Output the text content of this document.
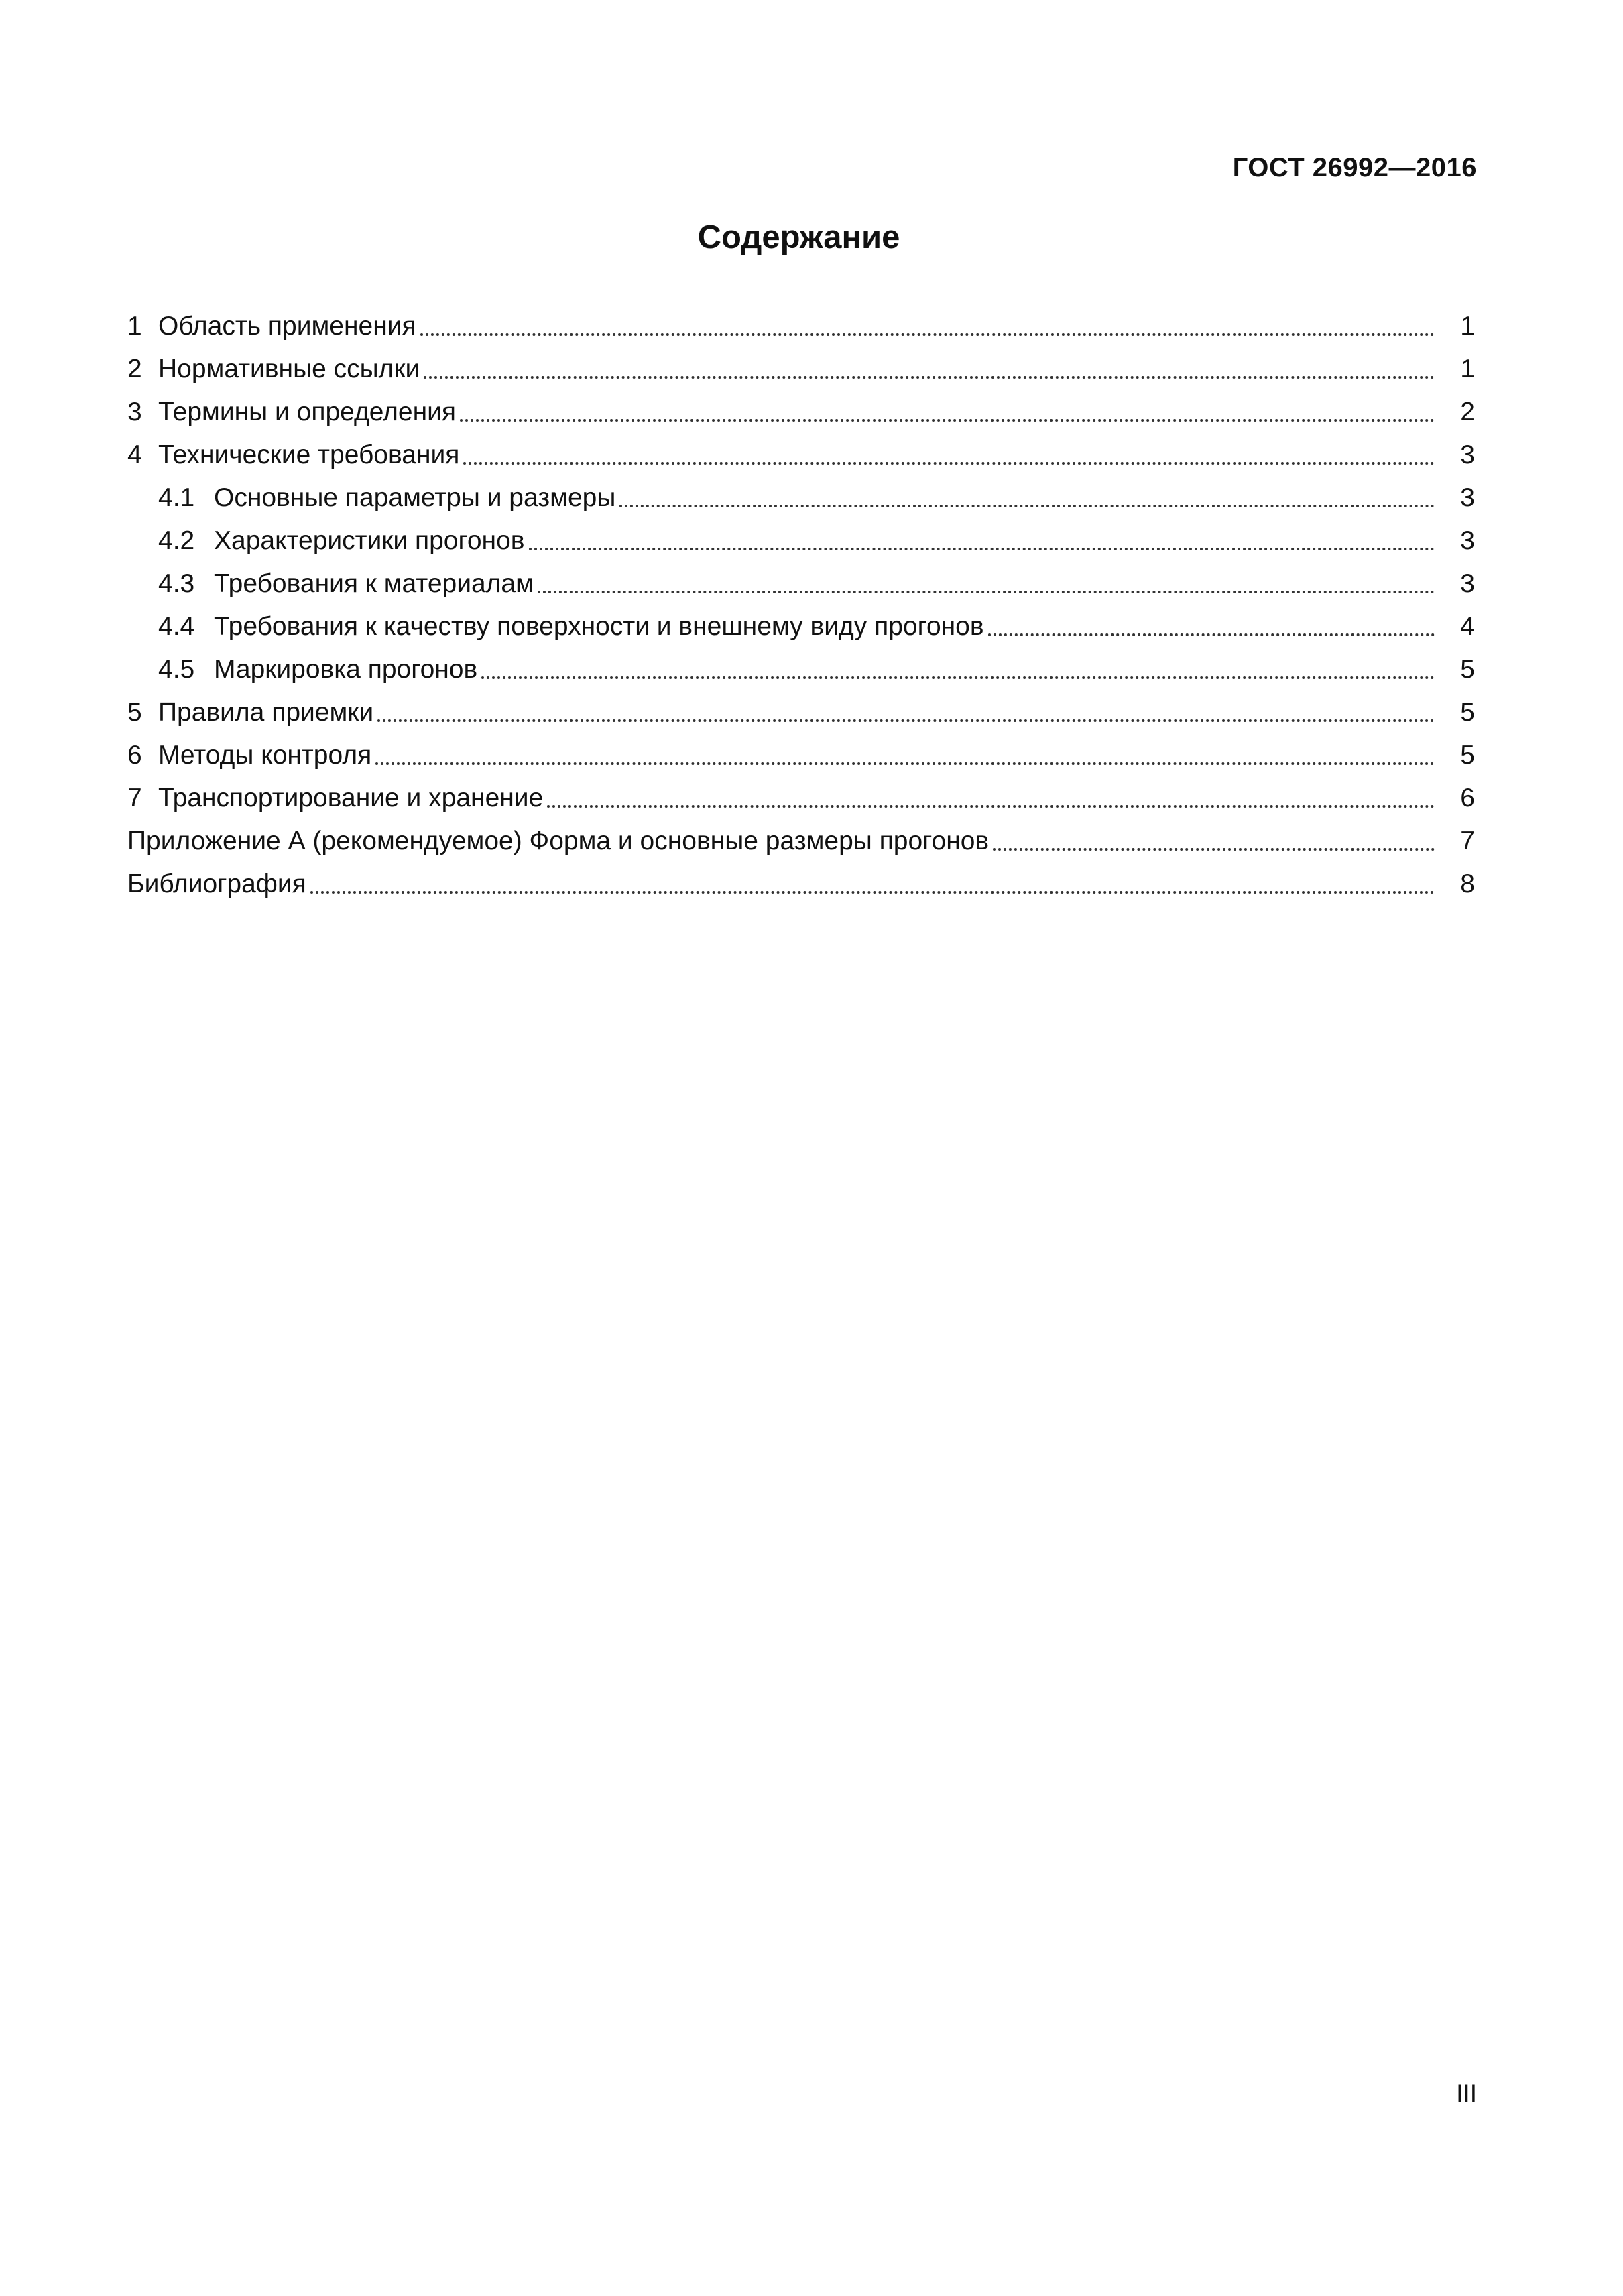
ГОСТ 26992—2016
Содержание
1 Область применения	1
2 Нормативные ссылки	1
3 Термины и определения	2
4 Технические требования	3
4.1 Основные параметры и размеры	3
4.2 Характеристики прогонов	3
4.3 Требования к материалам	3
4.4 Требования к качеству поверхности и внешнему виду прогонов	4
4.5 Маркировка прогонов	5
5 Правила приемки	5
6 Методы контроля	5
7 Транспортирование и хранение	6
Приложение А (рекомендуемое) Форма и основные размеры прогонов	7
Библиография	8
III
